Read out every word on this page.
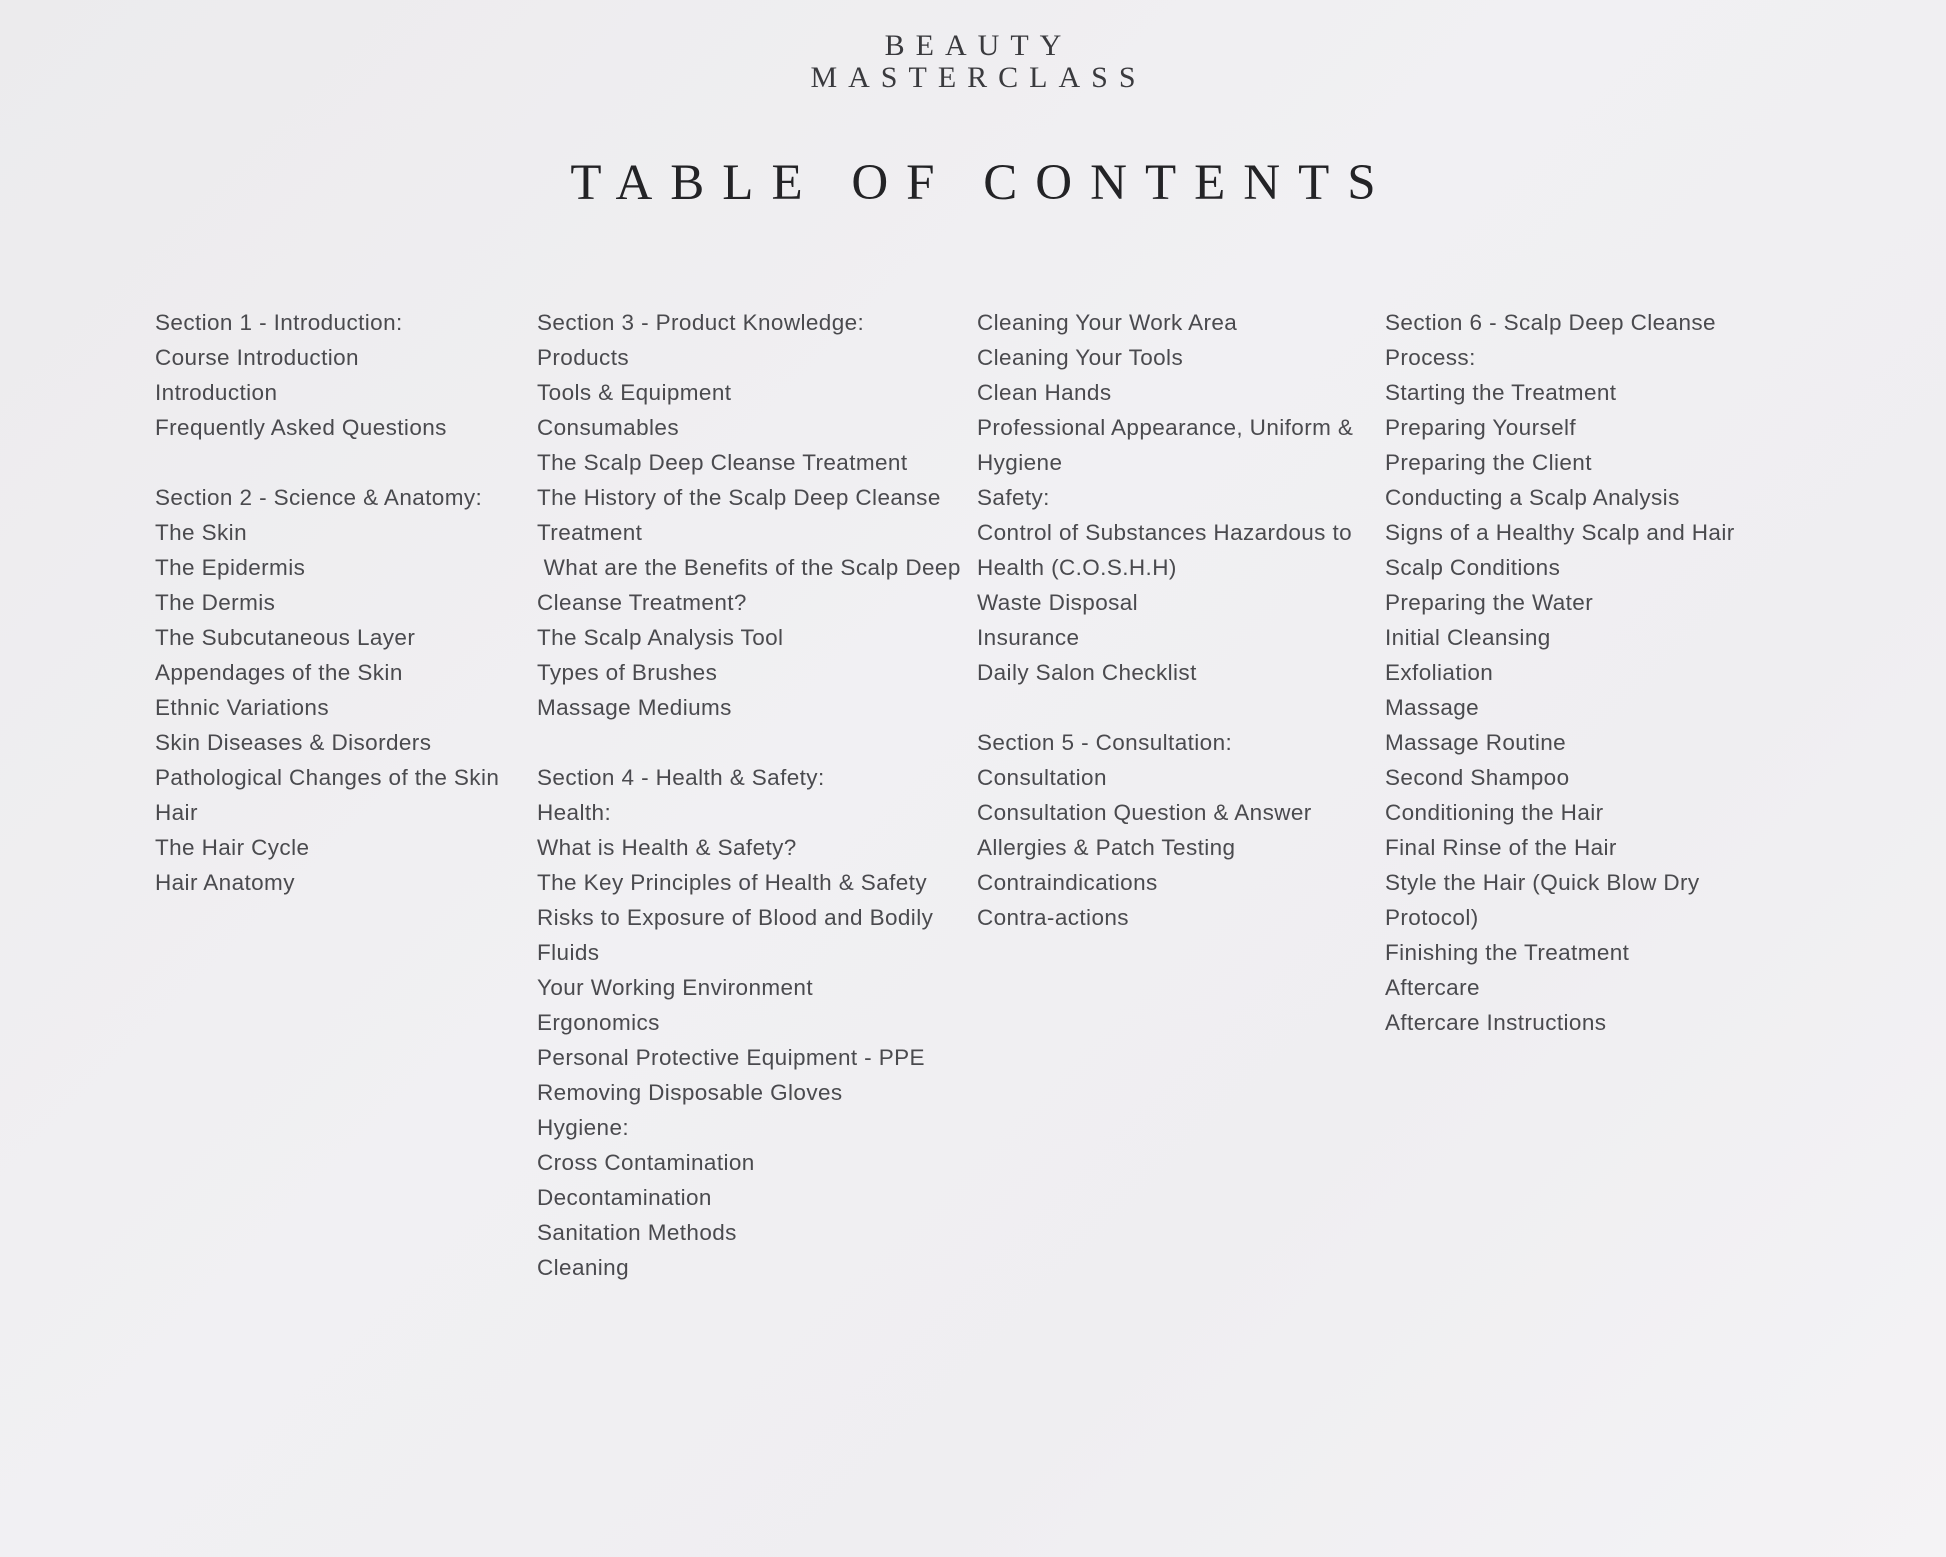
BEAUTY
MASTERCLASS
TABLE OF CONTENTS
Section 1 - Introduction:
Course Introduction
Introduction
Frequently Asked Questions
Section 2 - Science & Anatomy:
The Skin
The Epidermis
The Dermis
The Subcutaneous Layer
Appendages of the Skin
Ethnic Variations
Skin Diseases & Disorders
Pathological Changes of the Skin
Hair
The Hair Cycle
Hair Anatomy
Section 3 - Product Knowledge:
Products
Tools & Equipment
Consumables
The Scalp Deep Cleanse Treatment
The History of the Scalp Deep Cleanse
Treatment
What are the Benefits of the Scalp Deep
Cleanse Treatment?
The Scalp Analysis Tool
Types of Brushes
Massage Mediums
Section 4 - Health & Safety:
Health:
What is Health & Safety?
The Key Principles of Health & Safety
Risks to Exposure of Blood and Bodily
Fluids
Your Working Environment
Ergonomics
Personal Protective Equipment - PPE
Removing Disposable Gloves
Hygiene:
Cross Contamination
Decontamination
Sanitation Methods
Cleaning
Cleaning Your Work Area
Cleaning Your Tools
Clean Hands
Professional Appearance, Uniform &
Hygiene
Safety:
Control of Substances Hazardous to
Health (C.O.S.H.H)
Waste Disposal
Insurance
Daily Salon Checklist
Section 5 - Consultation:
Consultation
Consultation Question & Answer
Allergies & Patch Testing
Contraindications
Contra-actions
Section 6 - Scalp Deep Cleanse
Process:
Starting the Treatment
Preparing Yourself
Preparing the Client
Conducting a Scalp Analysis
Signs of a Healthy Scalp and Hair
Scalp Conditions
Preparing the Water
Initial Cleansing
Exfoliation
Massage
Massage Routine
Second Shampoo
Conditioning the Hair
Final Rinse of the Hair
Style the Hair (Quick Blow Dry
Protocol)
Finishing the Treatment
Aftercare
Aftercare Instructions
